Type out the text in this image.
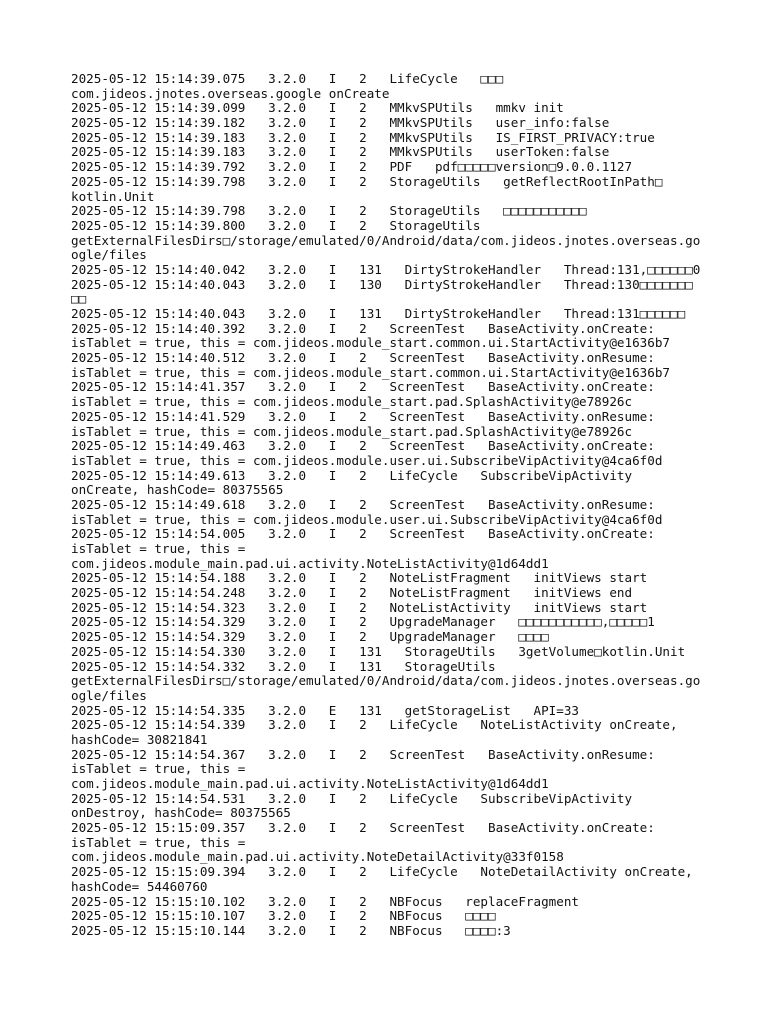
2025-05-12 15:14:39.075   3.2.0   I   2   LifeCycle   □□□
com.jideos.jnotes.overseas.google onCreate
2025-05-12 15:14:39.099   3.2.0   I   2   MMkvSPUtils   mmkv init
2025-05-12 15:14:39.182   3.2.0   I   2   MMkvSPUtils   user_info:false
2025-05-12 15:14:39.183   3.2.0   I   2   MMkvSPUtils   IS_FIRST_PRIVACY:true
2025-05-12 15:14:39.183   3.2.0   I   2   MMkvSPUtils   userToken:false
2025-05-12 15:14:39.792   3.2.0   I   2   PDF   pdf□□□□□version□9.0.0.1127
2025-05-12 15:14:39.798   3.2.0   I   2   StorageUtils   getReflectRootInPath□
kotlin.Unit
2025-05-12 15:14:39.798   3.2.0   I   2   StorageUtils   □□□□□□□□□□□
2025-05-12 15:14:39.800   3.2.0   I   2   StorageUtils
getExternalFilesDirs□/storage/emulated/0/Android/data/com.jideos.jnotes.overseas.go
ogle/files
2025-05-12 15:14:40.042   3.2.0   I   131   DirtyStrokeHandler   Thread:131,□□□□□□0
2025-05-12 15:14:40.043   3.2.0   I   130   DirtyStrokeHandler   Thread:130□□□□□□□
□□
2025-05-12 15:14:40.043   3.2.0   I   131   DirtyStrokeHandler   Thread:131□□□□□□
2025-05-12 15:14:40.392   3.2.0   I   2   ScreenTest   BaseActivity.onCreate:
isTablet = true, this = com.jideos.module_start.common.ui.StartActivity@e1636b7
2025-05-12 15:14:40.512   3.2.0   I   2   ScreenTest   BaseActivity.onResume:
isTablet = true, this = com.jideos.module_start.common.ui.StartActivity@e1636b7
2025-05-12 15:14:41.357   3.2.0   I   2   ScreenTest   BaseActivity.onCreate:
isTablet = true, this = com.jideos.module_start.pad.SplashActivity@e78926c
2025-05-12 15:14:41.529   3.2.0   I   2   ScreenTest   BaseActivity.onResume:
isTablet = true, this = com.jideos.module_start.pad.SplashActivity@e78926c
2025-05-12 15:14:49.463   3.2.0   I   2   ScreenTest   BaseActivity.onCreate:
isTablet = true, this = com.jideos.module.user.ui.SubscribeVipActivity@4ca6f0d
2025-05-12 15:14:49.613   3.2.0   I   2   LifeCycle   SubscribeVipActivity
onCreate, hashCode= 80375565
2025-05-12 15:14:49.618   3.2.0   I   2   ScreenTest   BaseActivity.onResume:
isTablet = true, this = com.jideos.module.user.ui.SubscribeVipActivity@4ca6f0d
2025-05-12 15:14:54.005   3.2.0   I   2   ScreenTest   BaseActivity.onCreate:
isTablet = true, this =
com.jideos.module_main.pad.ui.activity.NoteListActivity@1d64dd1
2025-05-12 15:14:54.188   3.2.0   I   2   NoteListFragment   initViews start
2025-05-12 15:14:54.248   3.2.0   I   2   NoteListFragment   initViews end
2025-05-12 15:14:54.323   3.2.0   I   2   NoteListActivity   initViews start
2025-05-12 15:14:54.329   3.2.0   I   2   UpgradeManager   □□□□□□□□□□□,□□□□□1
2025-05-12 15:14:54.329   3.2.0   I   2   UpgradeManager   □□□□
2025-05-12 15:14:54.330   3.2.0   I   131   StorageUtils   3getVolume□kotlin.Unit
2025-05-12 15:14:54.332   3.2.0   I   131   StorageUtils
getExternalFilesDirs□/storage/emulated/0/Android/data/com.jideos.jnotes.overseas.go
ogle/files
2025-05-12 15:14:54.335   3.2.0   E   131   getStorageList   API=33
2025-05-12 15:14:54.339   3.2.0   I   2   LifeCycle   NoteListActivity onCreate,
hashCode= 30821841
2025-05-12 15:14:54.367   3.2.0   I   2   ScreenTest   BaseActivity.onResume:
isTablet = true, this =
com.jideos.module_main.pad.ui.activity.NoteListActivity@1d64dd1
2025-05-12 15:14:54.531   3.2.0   I   2   LifeCycle   SubscribeVipActivity
onDestroy, hashCode= 80375565
2025-05-12 15:15:09.357   3.2.0   I   2   ScreenTest   BaseActivity.onCreate:
isTablet = true, this =
com.jideos.module_main.pad.ui.activity.NoteDetailActivity@33f0158
2025-05-12 15:15:09.394   3.2.0   I   2   LifeCycle   NoteDetailActivity onCreate,
hashCode= 54460760
2025-05-12 15:15:10.102   3.2.0   I   2   NBFocus   replaceFragment
2025-05-12 15:15:10.107   3.2.0   I   2   NBFocus   □□□□
2025-05-12 15:15:10.144   3.2.0   I   2   NBFocus   □□□□:3
